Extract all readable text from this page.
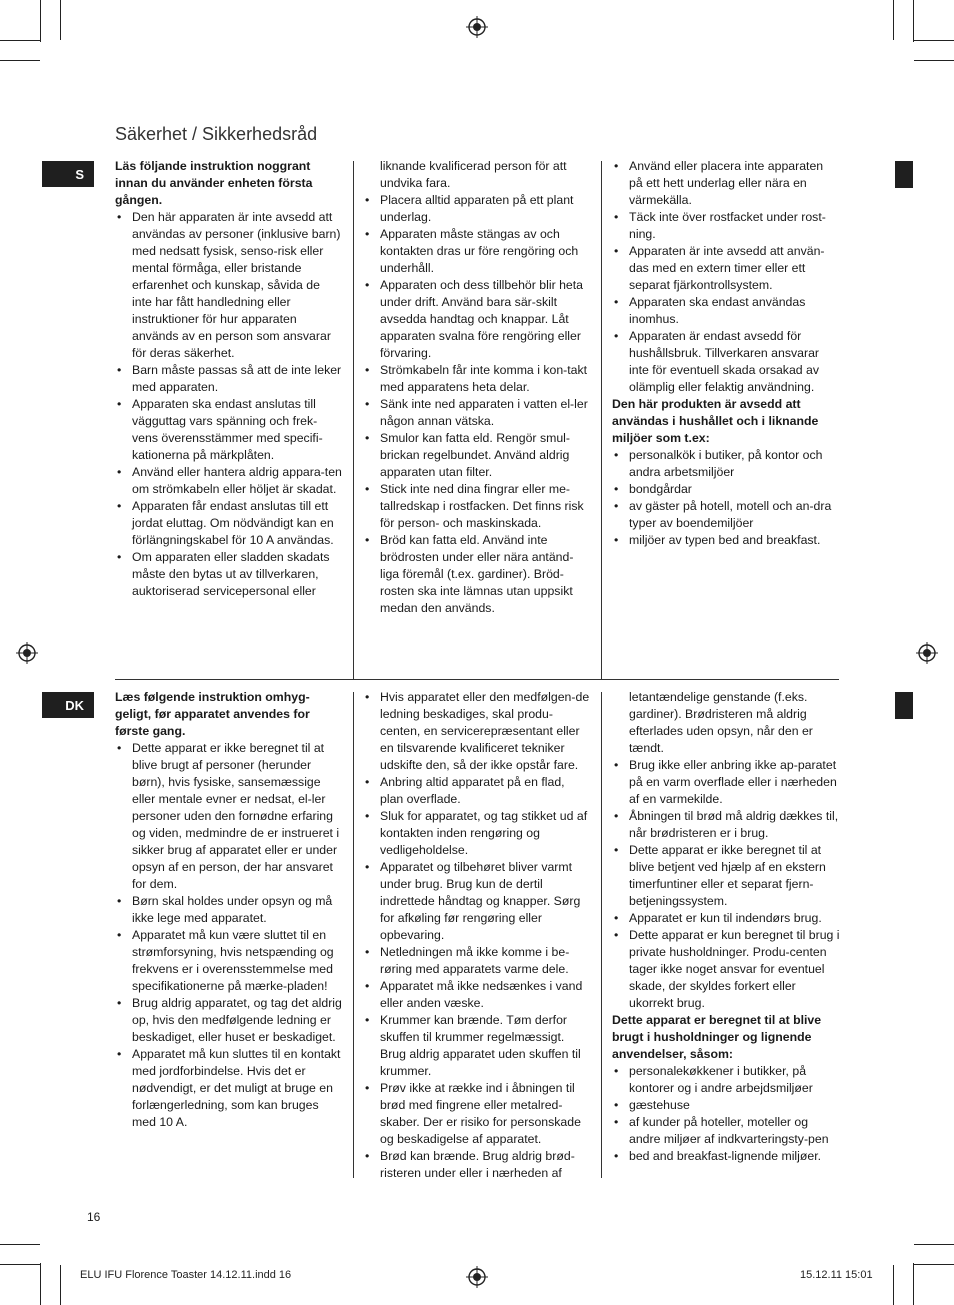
Säkerhet / Sikkerhedsråd
S
DK

Läs följande instruktion noggrant innan du använder enheten första gången.

• Den här apparaten är inte avsedd att användas av personer (inklusive barn) med nedsatt fysisk, senso-risk eller mental förmåga, eller bristande erfarenhet och kunskap, såvida de inte har fått handledning eller instruktioner för hur apparaten används av en person som ansvarar för deras säkerhet.
• Barn måste passas så att de inte leker med apparaten.
• Apparaten ska endast anslutas till vägguttag vars spänning och frek-vens överensstämmer med specifi-kationerna på märkplåten.
• Använd eller hantera aldrig appara-ten om strömkabeln eller höljet är skadat.
• Apparaten får endast anslutas till ett jordat eluttag. Om nödvändigt kan en förlängningskabel för 10 A användas.
• Om apparaten eller sladden skadats måste den bytas ut av tillverkaren, auktoriserad servicepersonal eller
liknande kvalificerad person för att undvika fara.
• Placera alltid apparaten på ett plant underlag.
• Apparaten måste stängas av och kontakten dras ur före rengöring och underhåll.
• Apparaten och dess tillbehör blir heta under drift. Använd bara sär-skilt avsedda handtag och knappar. Låt apparaten svalna före rengöring eller förvaring.
• Strömkabeln får inte komma i kon-takt med apparatens heta delar.
• Sänk inte ned apparaten i vatten el-ler någon annan vätska.
• Smulor kan fatta eld. Rengör smul-brickan regelbundet. Använd aldrig apparaten utan filter.
• Stick inte ned dina fingrar eller me-tallredskap i rostfacken. Det finns risk för person- och maskinskada.
• Bröd kan fatta eld. Använd inte brödrosten under eller nära antänd-liga föremål (t.ex. gardiner). Bröd-rosten ska inte lämnas utan uppsikt medan den används.
• Använd eller placera inte apparaten på ett hett underlag eller nära en värmekälla.
• Täck inte över rostfacket under rost-ning.
• Apparaten är inte avsedd att använ-das med en extern timer eller ett separat fjärkontrollsystem.
• Apparaten ska endast användas inomhus.
• Apparaten är endast avsedd för hushållsbruk. Tillverkaren ansvarar inte för eventuell skada orsakad av olämplig eller felaktig användning.

Den här produkten är avsedd att användas i hushållet och i liknande miljöer som t.ex:

• personalkök i butiker, på kontor och andra arbetsmiljöer
• bondgårdar
• av gäster på hotell, motell och an-dra typer av boendemiljöer
• miljöer av typen bed and breakfast.

Læs følgende instruktion omhyg-geligt, før apparatet anvendes for første gang.

• Dette apparat er ikke beregnet til at blive brugt af personer (herunder børn), hvis fysiske, sansemæssige eller mentale evner er nedsat, el-ler personer uden den fornødne erfaring og viden, medmindre de er instrueret i sikker brug af apparatet eller er under opsyn af en person, der har ansvaret for dem.
• Børn skal holdes under opsyn og må ikke lege med apparatet.
• Apparatet må kun være sluttet til en strømforsyning, hvis netspænding og frekvens er i overensstemmelse med specifikationerne på mærke-pladen!
• Brug aldrig apparatet, og tag det aldrig op, hvis den medfølgende ledning er beskadiget, eller huset er beskadiget.
• Apparatet må kun sluttes til en kontakt med jordforbindelse. Hvis det er nødvendigt, er det muligt at bruge en forlængerledning, som kan bruges med 10 A.
• Hvis apparatet eller den medfølgen-de ledning beskadiges, skal produ-centen, en servicerepræsentant eller en tilsvarende kvalificeret tekniker udskifte den, så der ikke opstår fare.
• Anbring altid apparatet på en flad, plan overflade.
• Sluk for apparatet, og tag stikket ud af kontakten inden rengøring og vedligeholdelse.
• Apparatet og tilbehøret bliver varmt under brug. Brug kun de dertil indrettede håndtag og knapper. Sørg for afkøling før rengøring eller opbevaring.
• Netledningen må ikke komme i be-røring med apparatets varme dele.
• Apparatet må ikke nedsænkes i vand eller anden væske.
• Krummer kan brænde. Tøm derfor skuffen til krummer regelmæssigt. Brug aldrig apparatet uden skuffen til krummer.
• Prøv ikke at række ind i åbningen til brød med fingrene eller metalred-skaber. Der er risiko for personskade og beskadigelse af apparatet.
• Brød kan brænde. Brug aldrig brød-risteren under eller i nærheden af
letantændelige genstande (f.eks. gardiner). Brødristeren må aldrig efterlades uden opsyn, når den er tændt.
• Brug ikke eller anbring ikke ap-paratet på en varm overflade eller i nærheden af en varmekilde.
• Åbningen til brød må aldrig dækkes til, når brødristeren er i brug.
• Dette apparat er ikke beregnet til at blive betjent ved hjælp af en ekstern timerfuntiner eller et separat fjern-betjeningssystem.
• Apparatet er kun til indendørs brug.
• Dette apparat er kun beregnet til brug i private husholdninger. Produ-centen tager ikke noget ansvar for eventuel skade, der skyldes forkert eller ukorrekt brug.

Dette apparat er beregnet til at blive brugt i husholdninger og lignende anvendelser, såsom:

• personalekøkkener i butikker, på kontorer og i andre arbejdsmiljøer
• gæstehuse
• af kunder på hoteller, moteller og andre miljøer af indkvarteringsty-pen
• bed and breakfast-lignende miljøer.
16
ELU IFU Florence Toaster 14.12.11.indd 16	15.12.11 15:01
